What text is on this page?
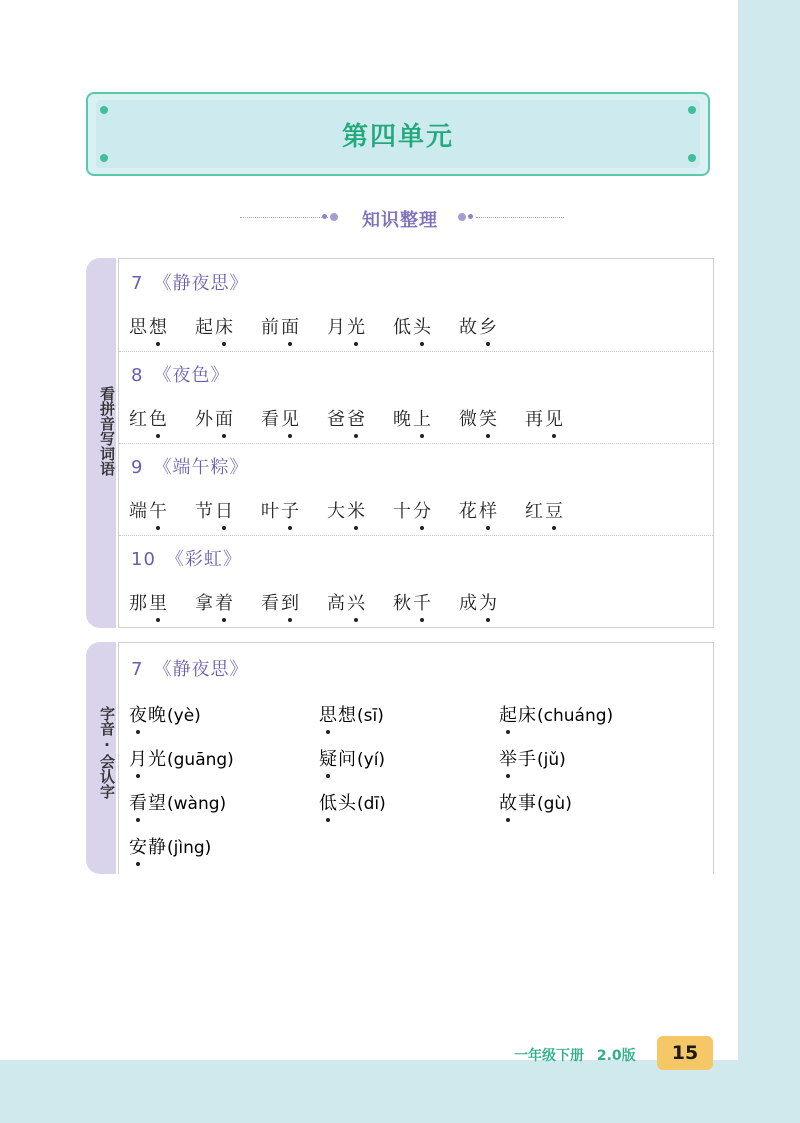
第四单元
知识整理
看拼音写词语
7 《静夜思》
思想 起床 前面 月光 低头 故乡
8 《夜色》
红色 外面 看见 爸爸 晚上 微笑 再见
9 《端午粽》
端午 节日 叶子 大米 十分 花样 红豆
10 《彩虹》
那里 拿着 看到 高兴 秋千 成为
字音·会认字
7 《静夜思》
夜晚(yè)	思想(sī)	起床(chuáng)
月光(guāng)	疑问(yí)	举手(jǔ)
看望(wàng)	低头(dī)	故事(gù)
安静(jìng)
一年级下册 2.0版	15
